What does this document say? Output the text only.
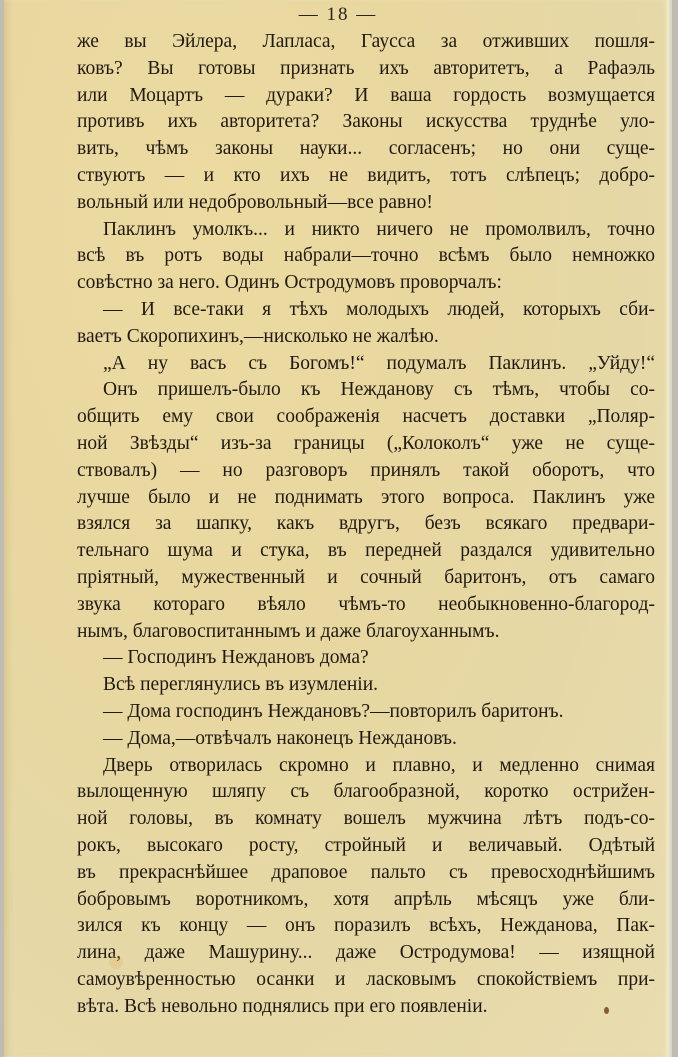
— 18 —
же вы Эйлера, Лапласа, Гаусса за отживших пошля-
ковъ? Вы готовы признать ихъ авторитетъ, а Рафаэль
или Моцартъ — дураки? И ваша гордость возмущается
противъ ихъ авторитета? Законы искусства труднѣе уло-
вить, чѣмъ законы науки... согласенъ; но они суще-
ствуютъ — и кто ихъ не видитъ, тотъ слѣпецъ; добро-
вольный или недобровольный—все равно!
Паклинъ умолкъ... и никто ничего не промолвилъ, точно
всѣ въ ротъ воды набрали—точно всѣмъ было немножко
совѣстно за него. Одинъ Остродумовъ проворчалъ:
— И все-таки я тѣхъ молодыхъ людей, которыхъ сби-
ваетъ Скоропихинъ,—нисколько не жалѣю.
„А ну васъ съ Богомъ!“ подумалъ Паклинъ. „Уйду!“
Онъ пришелъ-было къ Нежданову съ тѣмъ, чтобы со-
общить ему свои соображенія насчетъ доставки „Поляр-
ной Звѣзды“ изъ-за границы („Колоколъ“ уже не суще-
ствовалъ) — но разговоръ принялъ такой оборотъ, что
лучше было и не поднимать этого вопроса. Паклинъ уже
взялся за шапку, какъ вдругъ, безъ всякаго предвари-
тельнаго шума и стука, въ передней раздался удивительно
пріятный, мужественный и сочный баритонъ, отъ самаго
звука котораго вѣяло чѣмъ-то необыкновенно-благород-
нымъ, благовоспитаннымъ и даже благоуханнымъ.
— Господинъ Неждановъ дома?
Всѣ переглянулись въ изумленіи.
— Дома господинъ Неждановъ?—повторилъ баритонъ.
— Дома,—отвѣчалъ наконецъ Неждановъ.
Дверь отворилась скромно и плавно, и медленно снимая
вылощенную шляпу съ благообразной, коротко остриžен-
ной головы, въ комнату вошелъ мужчина лѣтъ подъ-со-
рокъ, высокаго росту, стройный и величавый. Одѣтый
въ прекраснѣйшее драповое пальто съ превосходнѣйшимъ
бобровымъ воротникомъ, хотя апрѣль мѣсяцъ уже бли-
зился къ концу — онъ поразилъ всѣхъ, Нежданова, Пак-
лина, даже Машурину... даже Остродумова! — изящной
самоувѣренностью осанки и ласковымъ спокойствіемъ при-
вѣта. Всѣ невольно поднялись при его появленіи.
